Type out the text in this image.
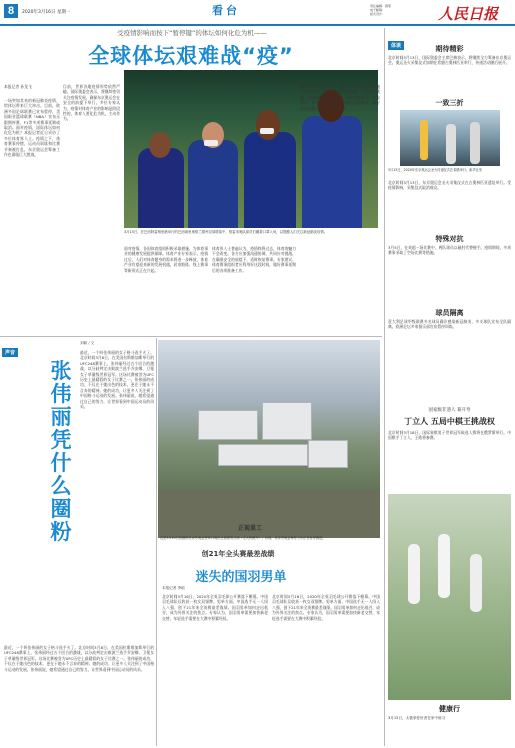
8	2020年3月16日 星期一	看台	责任编辑：薛原
电子邮箱：
版式设计：	人民日报
受疫情影响而按下“暂停键”的体坛如何化危为机——
全球体坛艰难战“疫”
本报记者 孙龙飞
一场突如其来的新冠肺炎疫情，给体坛带来巨大冲击。目前，欧洲多国足球联赛已宣布暂停，美国职业篮球联赛（NBA）宣布无限期停赛，F1等多项赛事延期或取消。面对疫情，国际体坛如何化危为机？本报记者近日采访了多位体育界人士。疫情之下，体育赛事停摆，运动员训练和比赛节奏被打乱，东京奥运会筹备工作也面临巨大挑战。
目前，世界各地疫情形势依然严峻。国际奥委会表示，将继续密切关注疫情发展，确保东京奥运会在安全的前提下举行。多位专家认为，疫情对体育产业的影响是阶段性的，体育人要化危为机，主动作为。
3月15日，在巴西阿雷格里港举行的巴西南里奥格兰德州足球联赛中，格雷米奥队球员们戴着口罩入场，以提醒人们关注新冠肺炎疫情。
面对疫情，各国体育组织积极采取措施，为体育事业的健康发展提供保障。体育产业专家表示，疫情过后，人们对体育健身的需求将进一步释放，体育产业有望迎来新的发展机遇。居家锻炼、线上赛事等新形式正在兴起。
体育界人士普遍认为，疫情终将过去，体育的魅力不会改变。各方应加强沟通协调，共同应对挑战，在确保安全的前提下，适时恢复赛事。专家建议，体育赛事组织者应利用好这段时间，做好赛事延期后的各项准备工作。
体育界人士普遍认为，疫情终将过去，体育的魅力不会改变。各方应加强沟通协调，共同应对挑战，在确保安全的前提下，适时恢复赛事。专家建议，体育赛事组织者应利用好这段时间，做好赛事延期后的各项准备工作。
体谈	期待精彩
北京时间3月13日，国际奥委会主席巴赫表示，将继续全力筹备东京奥运会。奥运圣火采集仪式如期在希腊古奥林匹亚举行，传递活动随后展开。
一致三折
3月13日，2020年东京奥运会圣火传递仪式在希腊举行。新华社发
北京时间3月13日，东京奥运会圣火采集仪式在古奥林匹亚遗址举行。受疫情影响，采集仪式取消观众。
特殊对抗
3月5日，在英超一场比赛中，两队球员以碰肘代替握手。疫情期间，多项赛事采取了空场比赛等措施。
球员隔离
意大利足球甲级联赛多名球员确诊感染新冠肺炎，多支球队宣布全队隔离。欧洲足坛多家俱乐部宣布暂停训练。
国家级非遗人 葛开寿
丁立人 五局中棋王挑战权
北京时间3月18日，国际象棋男子世界冠军候选人赛将在俄罗斯举行。中国棋手丁立人、王皓将参赛。
健康行
3月15日，太极拳爱好者在家中练习
声音
刘硕 / 文
张伟丽凭什么圈粉
最近，一个叫张伟丽的女子格斗选手火了。北京时间3月8日，在美国拉斯维加斯举行的UFC248赛事上，张伟丽经过五个回合的激战，以分歧判定击败波兰选手乔安娜，卫冕女子草量级世界冠军。这场比赛被誉为UFC历史上最精彩的女子比赛之一。张伟丽的成功，不仅在于她出色的技术，更在于她永不言弃的精神。她的成功，让更多人关注到了中国格斗运动的发展。张伟丽说，她希望通过自己的努力，让世界看到中国运动员的风采。
最近，一个叫张伟丽的女子格斗选手火了。北京时间3月8日，在美国拉斯维加斯举行的UFC248赛事上，张伟丽经过五个回合的激战，以分歧判定击败波兰选手乔安娜，卫冕女子草量级世界冠军。这场比赛被誉为UFC历史上最精彩的女子比赛之一。张伟丽的成功，不仅在于她出色的技术，更在于她永不言弃的精神。她的成功，让更多人关注到了中国格斗运动的发展。张伟丽说，她希望通过自己的努力，让世界看到中国运动员的风采。
正视重工
这是3月15日拍摄的北京冬奥会张家口赛区云顶滑雪公园（无人机照片）。目前，北京冬奥会筹办工作正在有序推进。
创21年全头赛最差战绩
迷失的国羽男单
本报记者 李硕
北京时间3月16日，2020年全英羽毛球公开赛落下帷幕。中国羽毛球队仅收获一枚女双银牌。男单方面，中国选手无一人闯入八强，创下21年来全英赛最差战绩。国羽男单如何走出低谷，成为外界关注的焦点。专家认为，国羽男单需要加快新老交替，年轻选手需要在大赛中积累经验。
北京时间3月16日，2020年全英羽毛球公开赛落下帷幕。中国羽毛球队仅收获一枚女双银牌。男单方面，中国选手无一人闯入八强，创下21年来全英赛最差战绩。国羽男单如何走出低谷，成为外界关注的焦点。专家认为，国羽男单需要加快新老交替，年轻选手需要在大赛中积累经验。
